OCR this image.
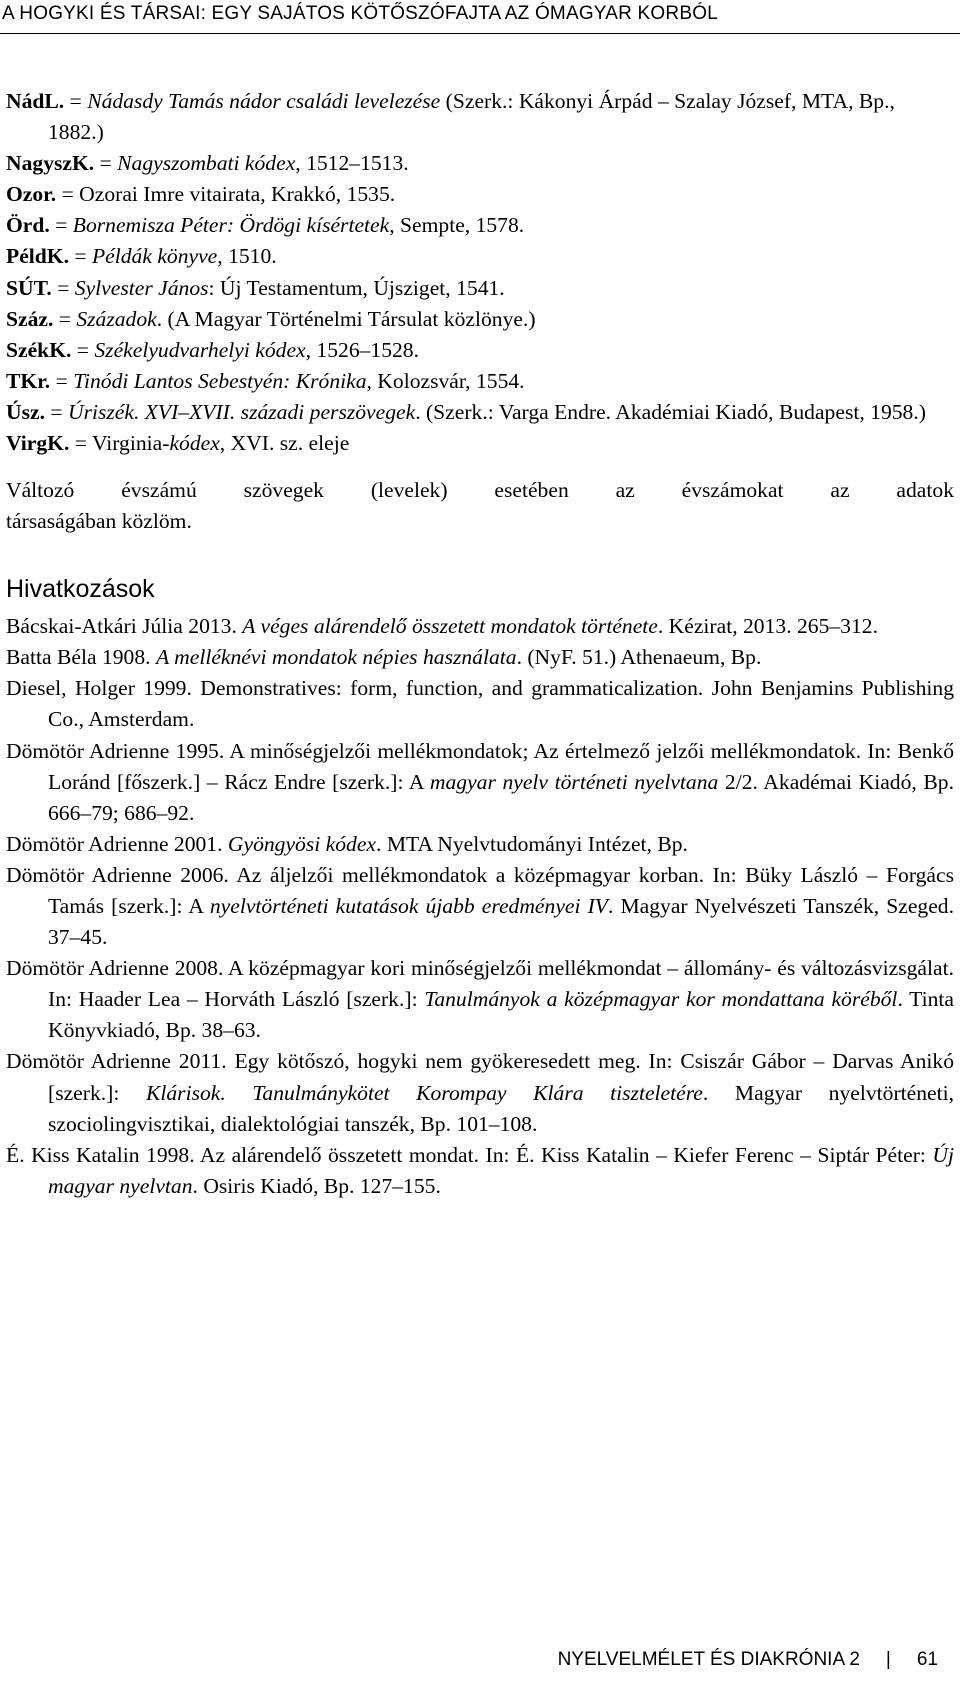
A HOGYKI ÉS TÁRSAI: EGY SAJÁTOS KÖTŐSZÓFAJTA AZ ÓMAGYAR KORBÓL
NádL. = Nádasdy Tamás nádor családi levelezése (Szerk.: Kákonyi Árpád – Szalay József, MTA, Bp., 1882.)
NagyszK. = Nagyszombati kódex, 1512–1513.
Ozor. = Ozorai Imre vitairata, Krakkó, 1535.
Örd. = Bornemisza Péter: Ördögi kísértetek, Sempte, 1578.
PéldK. = Példák könyve, 1510.
SÚT. = Sylvester János: Új Testamentum, Újsziget, 1541.
Száz. = Századok. (A Magyar Történelmi Társulat közlönye.)
SzékK. = Székelyudvarhelyi kódex, 1526–1528.
TKr. = Tinódi Lantos Sebestyén: Krónika, Kolozsvár, 1554.
Úsz. = Úriszék. XVI–XVII. századi perszövegek. (Szerk.: Varga Endre. Akadémiai Kiadó, Budapest, 1958.)
VirgK. = Virginia-kódex, XVI. sz. eleje
Változó évszámú szövegek (levelek) esetében az évszámokat az adatok
társaságában közlöm.
Hivatkozások
Bácskai-Atkári Júlia 2013. A véges alárendelő összetett mondatok története. Kézirat, 2013. 265–312.
Batta Béla 1908. A melléknévi mondatok népies használata. (NyF. 51.) Athenaeum, Bp.
Diesel, Holger 1999. Demonstratives: form, function, and grammaticalization. John Benjamins Publishing Co., Amsterdam.
Dömötör Adrienne 1995. A minőségjelzői mellékmondatok; Az értelmező jelzői mellékmondatok. In: Benkő Loránd [főszerk.] – Rácz Endre [szerk.]: A magyar nyelv történeti nyelvtana 2/2. Akadémai Kiadó, Bp. 666–79; 686–92.
Dömötör Adrienne 2001. Gyöngyösi kódex. MTA Nyelvtudományi Intézet, Bp.
Dömötör Adrienne 2006. Az áljelzői mellékmondatok a középmagyar korban. In: Büky László – Forgács Tamás [szerk.]: A nyelvtörténeti kutatások újabb eredményei IV. Magyar Nyelvészeti Tanszék, Szeged. 37–45.
Dömötör Adrienne 2008. A középmagyar kori minőségjelzői mellékmondat – állomány- és változásvizsgálat. In: Haader Lea – Horváth László [szerk.]: Tanulmányok a középmagyar kor mondattana köréből. Tinta Könyvkiadó, Bp. 38–63.
Dömötör Adrienne 2011. Egy kötőszó, hogyki nem gyökeresedett meg. In: Csiszár Gábor – Darvas Anikó [szerk.]: Klárisok. Tanulmánykötet Korompay Klára tiszteletére. Magyar nyelvtörténeti, szociolingvisztikai, dialektológiai tanszék, Bp. 101–108.
É. Kiss Katalin 1998. Az alárendelő összetett mondat. In: É. Kiss Katalin – Kiefer Ferenc – Siptár Péter: Új magyar nyelvtan. Osiris Kiadó, Bp. 127–155.
NYELVELMÉLET ÉS DIAKRÓNIA 2 | 61
